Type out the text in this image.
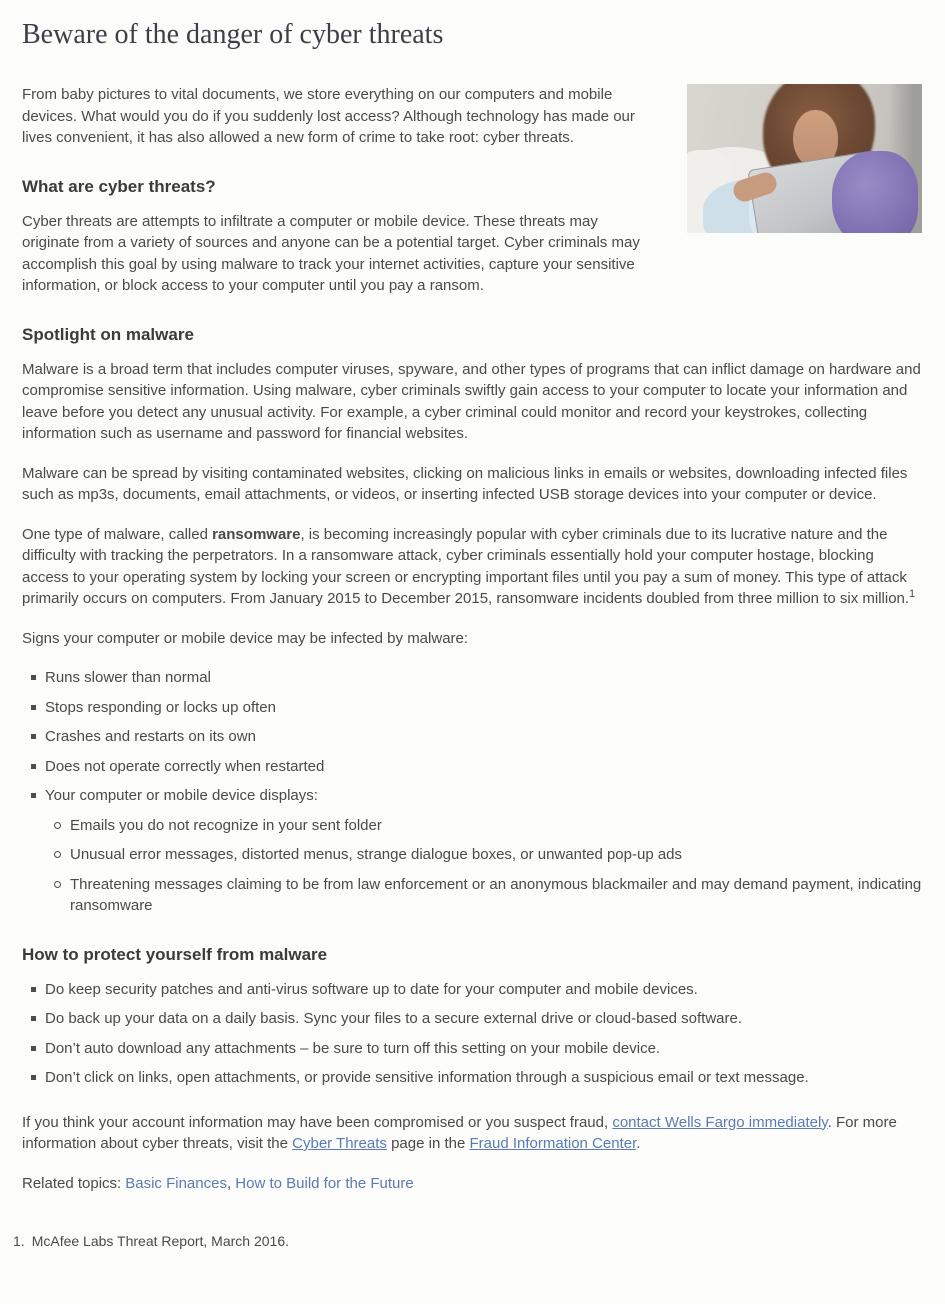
Beware of the danger of cyber threats

From baby pictures to vital documents, we store everything on our computers and mobile devices. What would you do if you suddenly lost access? Although technology has made our lives convenient, it has also allowed a new form of crime to take root: cyber threats.

What are cyber threats?

Cyber threats are attempts to infiltrate a computer or mobile device. These threats may originate from a variety of sources and anyone can be a potential target. Cyber criminals may accomplish this goal by using malware to track your internet activities, capture your sensitive information, or block access to your computer until you pay a ransom.

Spotlight on malware

Malware is a broad term that includes computer viruses, spyware, and other types of programs that can inflict damage on hardware and compromise sensitive information. Using malware, cyber criminals swiftly gain access to your computer to locate your information and leave before you detect any unusual activity. For example, a cyber criminal could monitor and record your keystrokes, collecting information such as username and password for financial websites.

Malware can be spread by visiting contaminated websites, clicking on malicious links in emails or websites, downloading infected files such as mp3s, documents, email attachments, or videos, or inserting infected USB storage devices into your computer or device.

One type of malware, called ransomware, is becoming increasingly popular with cyber criminals due to its lucrative nature and the difficulty with tracking the perpetrators. In a ransomware attack, cyber criminals essentially hold your computer hostage, blocking access to your operating system by locking your screen or encrypting important files until you pay a sum of money. This type of attack primarily occurs on computers. From January 2015 to December 2015, ransomware incidents doubled from three million to six million.$^1$

Signs your computer or mobile device may be infected by malware:

Runs slower than normal
Stops responding or locks up often
Crashes and restarts on its own
Does not operate correctly when restarted
Your computer or mobile device displays:
Emails you do not recognize in your sent folder
Unusual error messages, distorted menus, strange dialogue boxes, or unwanted pop-up ads
Threatening messages claiming to be from law enforcement or an anonymous blackmailer and may demand payment, indicating ransomware
How to protect yourself from malware
Do keep security patches and anti-virus software up to date for your computer and mobile devices.
Do back up your data on a daily basis. Sync your files to a secure external drive or cloud-based software.
Don’t auto download any attachments – be sure to turn off this setting on your mobile device.
Don’t click on links, open attachments, or provide sensitive information through a suspicious email or text message.

If you think your account information may have been compromised or you suspect fraud, contact Wells Fargo immediately. For more information about cyber threats, visit the Cyber Threats page in the Fraud Information Center.

Related topics: Basic Finances, How to Build for the Future

1. McAfee Labs Threat Report, March 2016.
